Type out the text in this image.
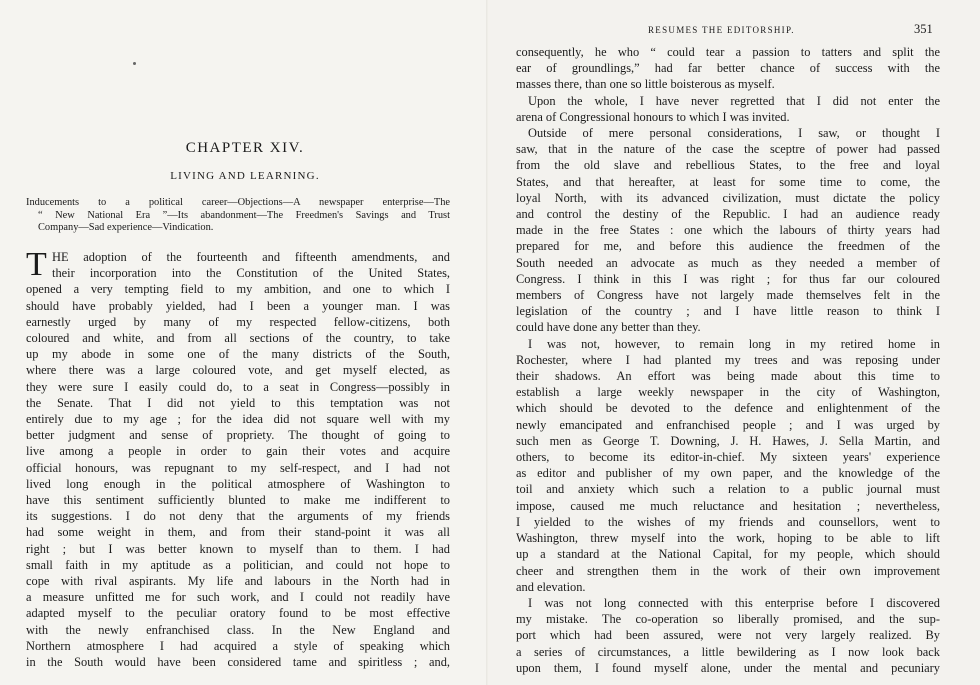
CHAPTER XIV.
LIVING AND LEARNING.
Inducements to a political career—Objections—A newspaper enterprise—The
“ New National Era ”—Its abandonment—The Freedmen's Savings and Trust
Company—Sad experience—Vindication.
T HE adoption of the fourteenth and fifteenth amendments, and
their incorporation into the Constitution of the United States,
opened a very tempting field to my ambition, and one to which I
should have probably yielded, had I been a younger man. I was
earnestly urged by many of my respected fellow-citizens, both
coloured and white, and from all sections of the country, to take
up my abode in some one of the many districts of the South,
where there was a large coloured vote, and get myself elected, as
they were sure I easily could do, to a seat in Congress—possibly in
the Senate. That I did not yield to this temptation was not
entirely due to my age ; for the idea did not square well with my
better judgment and sense of propriety. The thought of going to
live among a people in order to gain their votes and acquire
official honours, was repugnant to my self-respect, and I had not
lived long enough in the political atmosphere of Washington to
have this sentiment sufficiently blunted to make me indifferent to
its suggestions. I do not deny that the arguments of my friends
had some weight in them, and from their stand-point it was all
right ; but I was better known to myself than to them. I had
small faith in my aptitude as a politician, and could not hope to
cope with rival aspirants. My life and labours in the North had in
a measure unfitted me for such work, and I could not readily have
adapted myself to the peculiar oratory found to be most effective
with the newly enfranchised class. In the New England and
Northern atmosphere I had acquired a style of speaking which
in the South would have been considered tame and spiritless ; and,
RESUMES THE EDITORSHIP.	351
consequently, he who “ could tear a passion to tatters and split the
ear of groundlings,” had far better chance of success with the
masses there, than one so little boisterous as myself.
Upon the whole, I have never regretted that I did not enter the
arena of Congressional honours to which I was invited.
Outside of mere personal considerations, I saw, or thought I
saw, that in the nature of the case the sceptre of power had passed
from the old slave and rebellious States, to the free and loyal
States, and that hereafter, at least for some time to come, the
loyal North, with its advanced civilization, must dictate the policy
and control the destiny of the Republic. I had an audience ready
made in the free States : one which the labours of thirty years had
prepared for me, and before this audience the freedmen of the
South needed an advocate as much as they needed a member of
Congress. I think in this I was right ; for thus far our coloured
members of Congress have not largely made themselves felt in the
legislation of the country ; and I have little reason to think I
could have done any better than they.
I was not, however, to remain long in my retired home in
Rochester, where I had planted my trees and was reposing under
their shadows. An effort was being made about this time to
establish a large weekly newspaper in the city of Washington,
which should be devoted to the defence and enlightenment of the
newly emancipated and enfranchised people ; and I was urged by
such men as George T. Downing, J. H. Hawes, J. Sella Martin, and
others, to become its editor-in-chief. My sixteen years' experience
as editor and publisher of my own paper, and the knowledge of the
toil and anxiety which such a relation to a public journal must
impose, caused me much reluctance and hesitation ; nevertheless,
I yielded to the wishes of my friends and counsellors, went to
Washington, threw myself into the work, hoping to be able to lift
up a standard at the National Capital, for my people, which should
cheer and strengthen them in the work of their own improvement
and elevation.
I was not long connected with this enterprise before I discovered
my mistake. The co-operation so liberally promised, and the sup-
port which had been assured, were not very largely realized. By
a series of circumstances, a little bewildering as I now look back
upon them, I found myself alone, under the mental and pecuniary
